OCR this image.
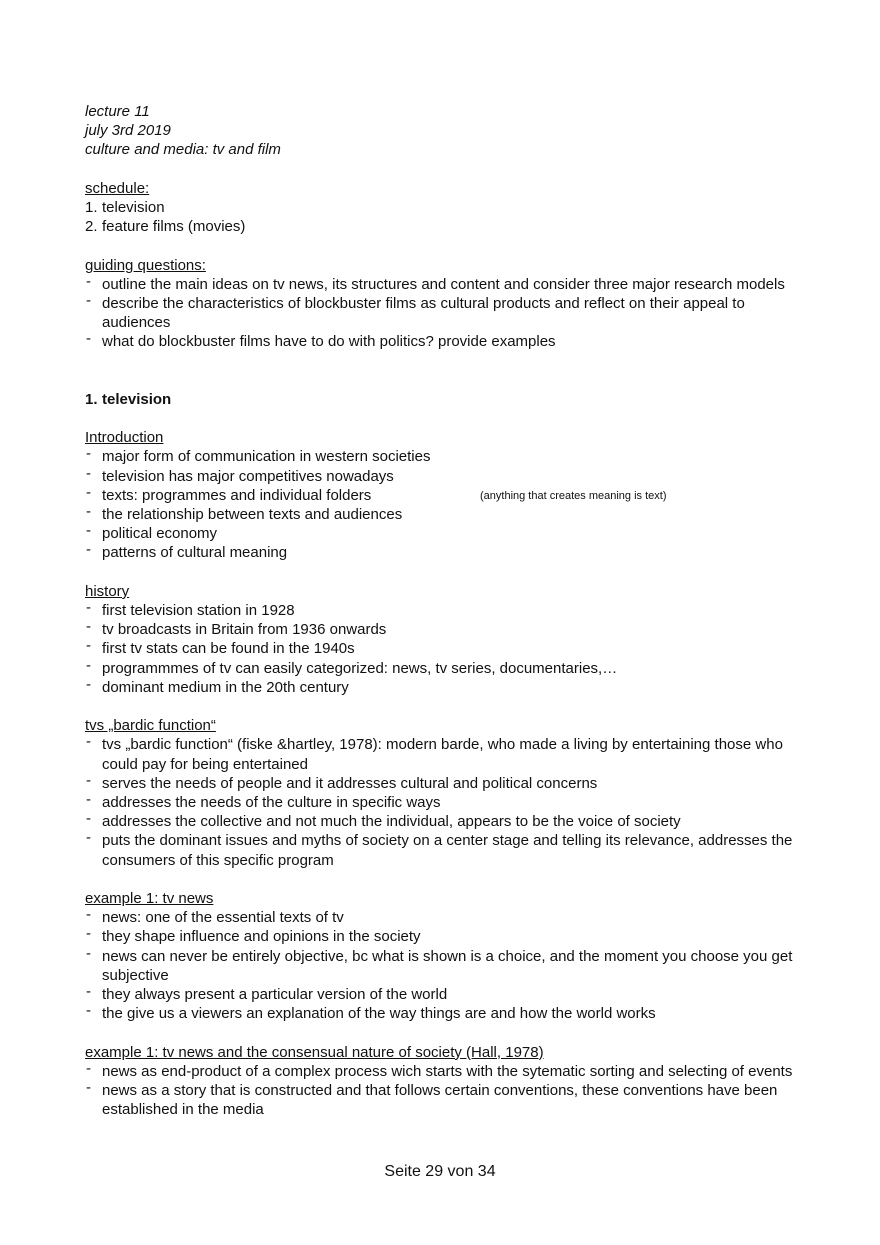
lecture 11
july 3rd 2019
culture and media: tv and film
schedule:
1. television
2. feature films (movies)
guiding questions:
- outline the main ideas on tv news, its structures and content and consider three major research models
- describe the characteristics of blockbuster films as cultural products and reflect on their appeal to audiences
- what do blockbuster films have to do with politics? provide examples
1. television
Introduction
- major form of communication in western societies
- television has major competitives nowadays
- texts: programmes and individual folders	(anything that creates meaning is text)
- the relationship between texts and audiences
- political economy
- patterns of cultural meaning
history
- first television station in 1928
- tv broadcasts in Britain from 1936 onwards
- first tv stats can be found in the 1940s
- programmmes of tv can easily categorized: news, tv series, documentaries,…
- dominant medium in the 20th century
tvs „bardic function“
- tvs „bardic function“ (fiske &hartley, 1978): modern barde, who made a living by entertaining those who could pay for being entertained
- serves the needs of people and it addresses cultural and political concerns
- addresses the needs of the culture in specific ways
- addresses the collective and not much the individual, appears to be the voice of society
- puts the dominant issues and myths of society on a center stage and telling its relevance, addresses the consumers of this specific program
example 1: tv news
- news: one of the essential texts of tv
- they shape influence and opinions in the society
- news can never be entirely objective, bc what is shown is a choice, and the moment you choose you get subjective
- they always present a particular version of the world
- the give us a viewers an explanation of the way things are and how the world works
example 1: tv news and the consensual nature of society (Hall, 1978)
- news as end-product of a complex process wich starts with the sytematic sorting and selecting of events
- news as a story that is constructed and that follows certain conventions, these conventions have been established in the media
Seite 29 von 34
